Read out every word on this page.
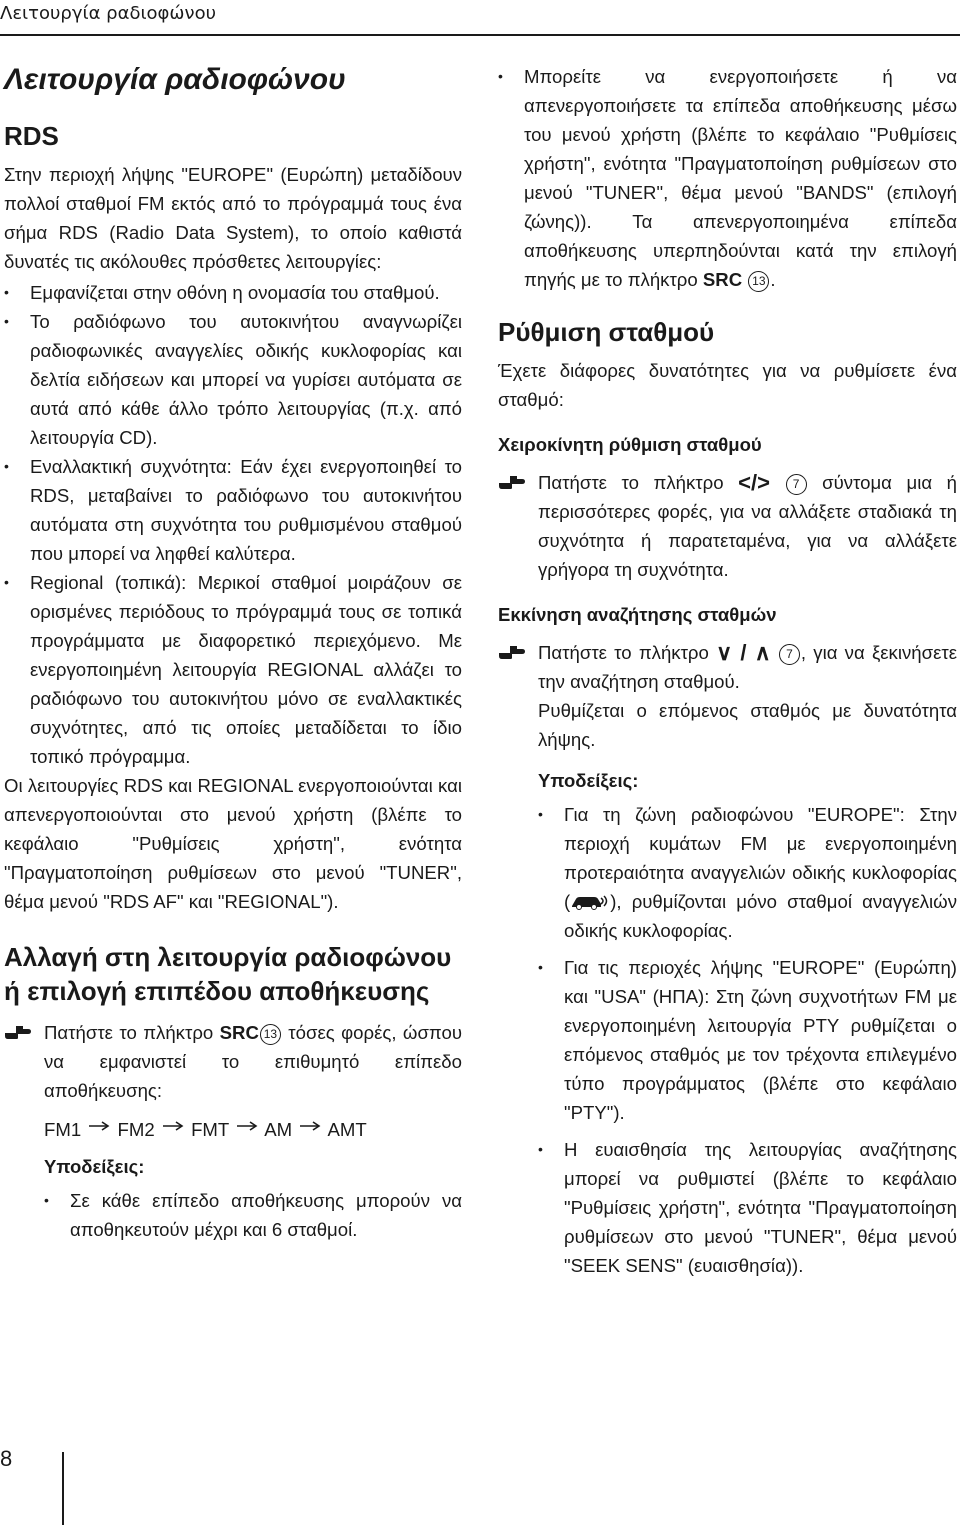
Λειτουργία ραδιοφώνου
Λειτουργία ραδιοφώνου
RDS

Στην περιοχή λήψης "EUROPE" (Ευρώπη) μεταδίδουν πολλοί σταθμοί FM εκτός από το πρόγραμμά τους ένα σήμα RDS (Radio Data System), το οποίο καθιστά δυνατές τις ακόλουθες πρόσθετες λειτουργίες:

• Εμφανίζεται στην οθόνη η ονομασία του σταθμού.
• Το ραδιόφωνο του αυτοκινήτου αναγνωρίζει ραδιοφωνικές αναγγελίες οδικής κυκλοφορίας και δελτία ειδήσεων και μπορεί να γυρίσει αυτόματα σε αυτά από κάθε άλλο τρόπο λειτουργίας (π.χ. από λειτουργία CD).
• Εναλλακτική συχνότητα: Εάν έχει ενεργοποιηθεί το RDS, μεταβαίνει το ραδιόφωνο του αυτοκινήτου αυτόματα στη συχνότητα του ρυθμισμένου σταθμού που μπορεί να ληφθεί καλύτερα.
• Regional (τοπικά): Μερικοί σταθμοί μοιράζουν σε ορισμένες περιόδους το πρόγραμμά τους σε τοπικά προγράμματα με διαφορετικό περιεχόμενο. Με ενεργοποιημένη λειτουργία REGIONAL αλλάζει το ραδιόφωνο του αυτοκινήτου μόνο σε εναλλακτικές συχνότητες, από τις οποίες μεταδίδεται το ίδιο τοπικό πρόγραμμα.

Οι λειτουργίες RDS και REGIONAL ενεργοποιούνται και απενεργοποιούνται στο μενού χρήστη (βλέπε το κεφάλαιο "Ρυθμίσεις χρήστη", ενότητα "Πραγματοποίηση ρυθμίσεων στο μενού "TUNER", θέμα μενού "RDS AF" και "REGIONAL").

Αλλαγή στη λειτουργία ραδιοφώνου
ή επιλογή επιπέδου αποθήκευσης
Πατήστε το πλήκτρο SRC 13 τόσες φορές, ώσπου να εμφανιστεί το επιθυμητό επίπεδο αποθήκευσης:
FM1 FM2 FMT AM AMT
Υποδείξεις:
• Σε κάθε επίπεδο αποθήκευσης μπορούν να αποθηκευτούν μέχρι και 6 σταθμοί.
• Μπορείτε να ενεργοποιήσετε ή να απενεργοποιήσετε τα επίπεδα αποθήκευσης μέσω του μενού χρήστη (βλέπε το κεφάλαιο "Ρυθμίσεις χρήστη", ενότητα "Πραγματοποίηση ρυθμίσεων στο μενού "TUNER", θέμα μενού "BANDS" (επιλογή ζώνης)). Τα απενεργοποιημένα επίπεδα αποθήκευσης υπερπηδούνται κατά την επιλογή πηγής με το πλήκτρο SRC 13 .
Ρύθμιση σταθμού

Έχετε διάφορες δυνατότητες για να ρυθμίσετε ένα σταθμό:

Χειροκίνητη ρύθμιση σταθμού
Πατήστε το πλήκτρο </> 7 σύντομα μια ή περισσότερες φορές, για να αλλάξετε σταδιακά τη συχνότητα ή παρατεταμένα, για να αλλάξετε γρήγορα τη συχνότητα.
Εκκίνηση αναζήτησης σταθμών
Πατήστε το πλήκτρο ∨ / ∧ 7 , για να ξεκινήσετε την αναζήτηση σταθμού.

Ρυθμίζεται ο επόμενος σταθμός με δυνατότητα λήψης.

Υποδείξεις:
• Για τη ζώνη ραδιοφώνου "EUROPE": Στην περιοχή κυμάτων FM με ενεργοποιημένη προτεραιότητα αναγγελιών οδικής κυκλοφορίας ( ), ρυθμίζονται μόνο σταθμοί αναγγελιών οδικής κυκλοφορίας.
• Για τις περιοχές λήψης "EUROPE" (Ευρώπη) και "USA" (ΗΠΑ): Στη ζώνη συχνοτήτων FM με ενεργοποιημένη λειτουργία PTY ρυθμίζεται ο επόμενος σταθμός με τον τρέχοντα επιλεγμένο τύπο προγράμματος (βλέπε στο κεφάλαιο "PTY").
• Η ευαισθησία της λειτουργίας αναζήτησης μπορεί να ρυθμιστεί (βλέπε το κεφάλαιο "Ρυθμίσεις χρήστη", ενότητα "Πραγματοποίηση ρυθμίσεων στο μενού "TUNER", θέμα μενού "SEEK SENS" (ευαισθησία)).
8
